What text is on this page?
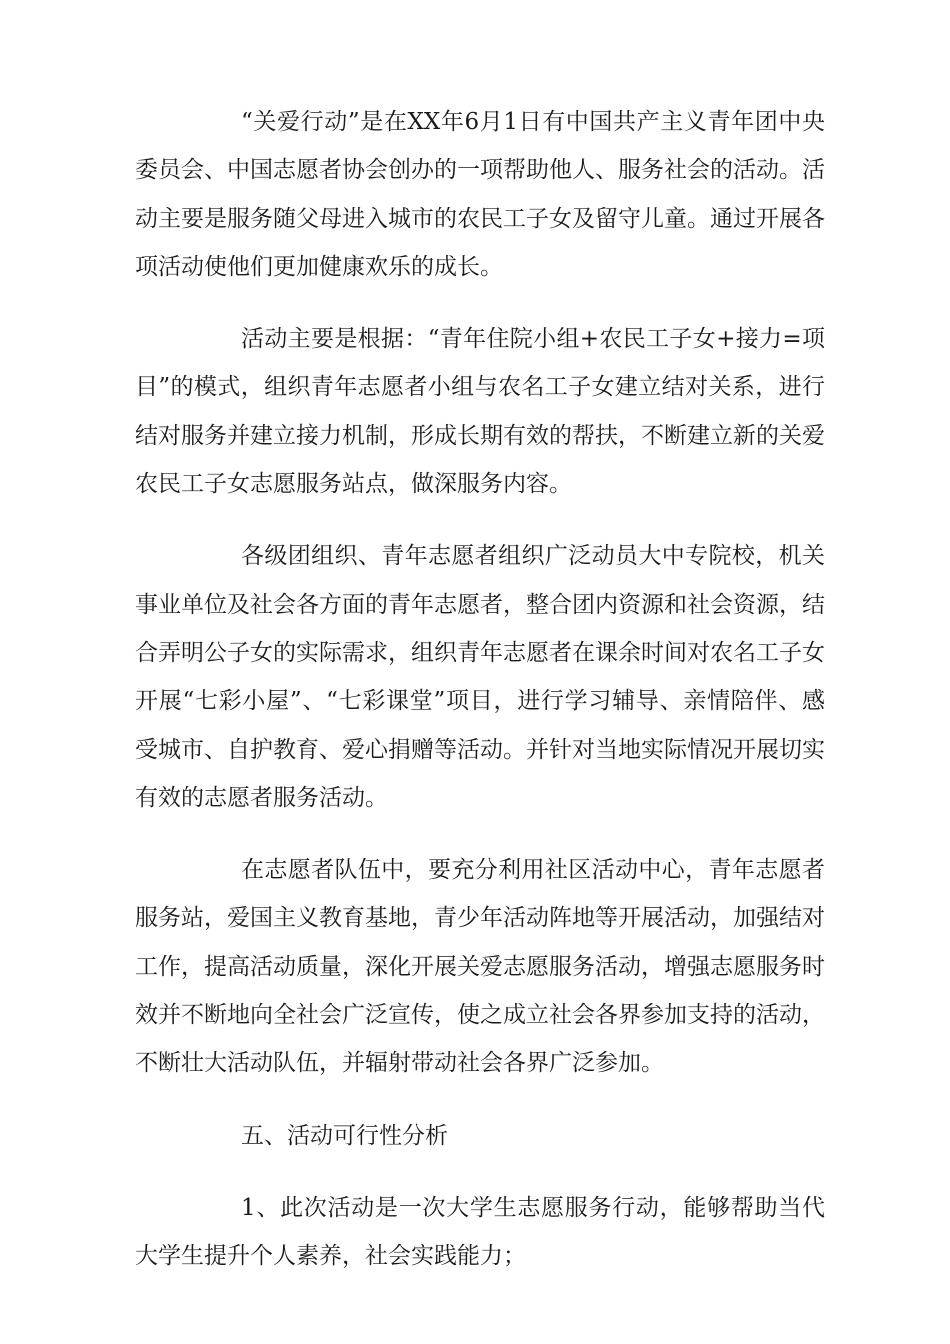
“关爱行动”是在XX年6月1日有中国共产主义青年团中央委员会、中国志愿者协会创办的一项帮助他人、服务社会的活动。活动主要是服务随父母进入城市的农民工子女及留守儿童。通过开展各项活动使他们更加健康欢乐的成长。

活动主要是根据：“青年住院小组+农民工子女+接力=项目”的模式，组织青年志愿者小组与农名工子女建立结对关系，进行结对服务并建立接力机制，形成长期有效的帮扶，不断建立新的关爱农民工子女志愿服务站点，做深服务内容。

各级团组织、青年志愿者组织广泛动员大中专院校，机关事业单位及社会各方面的青年志愿者，整合团内资源和社会资源，结合弄明公子女的实际需求，组织青年志愿者在课余时间对农名工子女开展“七彩小屋”、“七彩课堂”项目，进行学习辅导、亲情陪伴、感受城市、自护教育、爱心捐赠等活动。并针对当地实际情况开展切实有效的志愿者服务活动。

在志愿者队伍中，要充分利用社区活动中心，青年志愿者服务站，爱国主义教育基地，青少年活动阵地等开展活动，加强结对工作，提高活动质量，深化开展关爱志愿服务活动，增强志愿服务时效并不断地向全社会广泛宣传，使之成立社会各界参加支持的活动，不断壮大活动队伍，并辐射带动社会各界广泛参加。

五、活动可行性分析

1、此次活动是一次大学生志愿服务行动，能够帮助当代大学生提升个人素养，社会实践能力；
